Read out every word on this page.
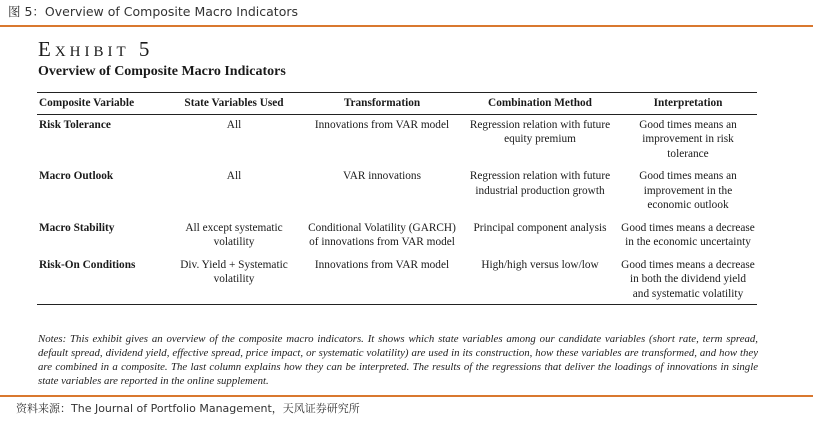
图 5：Overview of Composite Macro Indicators
EXHIBIT 5
Overview of Composite Macro Indicators
Composite Variable	State Variables Used	Transformation	Combination Method	Interpretation
Risk Tolerance	All	Innovations from VAR model	Regression relation with future equity premium	Good times means an improvement in risk tolerance
Macro Outlook	All	VAR innovations	Regression relation with future industrial production growth	Good times means an improvement in the economic outlook
Macro Stability	All except systematic volatility	Conditional Volatility (GARCH) of innovations from VAR model	Principal component analysis	Good times means a decrease in the economic uncertainty
Risk-On Conditions	Div. Yield + Systematic volatility	Innovations from VAR model	High/high versus low/low	Good times means a decrease in both the dividend yield and systematic volatility
Notes: This exhibit gives an overview of the composite macro indicators. It shows which state variables among our candidate variables (short rate, term spread, default spread, dividend yield, effective spread, price impact, or systematic volatility) are used in its construction, how these variables are transformed, and how they are combined in a composite. The last column explains how they can be interpreted. The results of the regressions that deliver the loadings of innovations in single state variables are reported in the online supplement.
资料来源：The Journal of Portfolio Management，天风证券研究所
